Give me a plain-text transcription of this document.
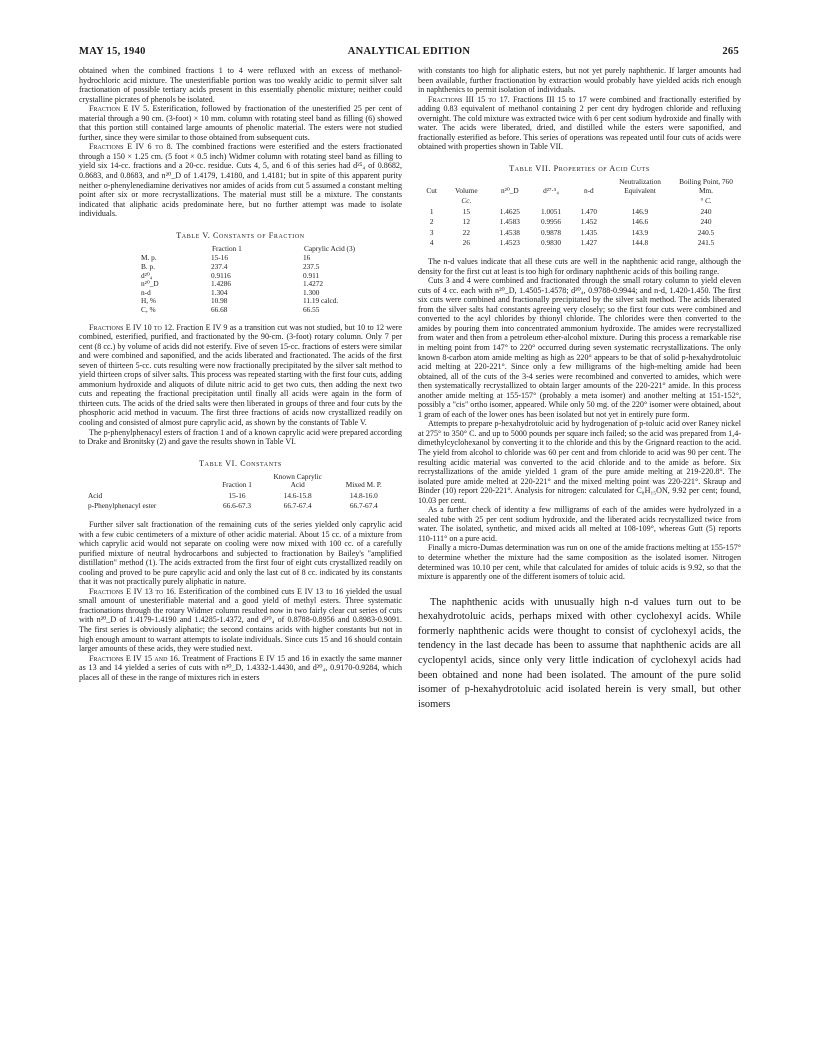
MAY 15, 1940	ANALYTICAL EDITION	265

obtained when the combined fractions 1 to 4 were refluxed with an excess of methanol-hydrochloric acid mixture. The unesterifiable portion was too weakly acidic to permit silver salt fractionation of possible tertiary acids present in this essentially phenolic mixture; neither could crystalline picrates of phenols be isolated.

Fraction E IV 5. Esterification, followed by fractionation of the unesterified 25 per cent of material through a 90 cm. (3-foot) × 10 mm. column with rotating steel band as filling (6) showed that this portion still contained large amounts of phenolic material. The esters were not studied further, since they were similar to those obtained from subsequent cuts.

Fractions E IV 6 to 8. The combined fractions were esterified and the esters fractionated through a 150 × 1.25 cm. (5 foot × 0.5 inch) Widmer column with rotating steel band as filling to yield six 14-cc. fractions and a 20-cc. residue. Cuts 4, 5, and 6 of this series had d²⁵₄ of 0.8682, 0.8683, and 0.8683, and n²⁰_D of 1.4179, 1.4180, and 1.4181; but in spite of this apparent purity neither o-phenylenediamine derivatives nor amides of acids from cut 5 assumed a constant melting point after six or more recrystallizations. The material must still be a mixture. The constants indicated that aliphatic acids predominate here, but no further attempt was made to isolate individuals.

Table V. Constants of Fraction
	Fraction 1	Caprylic Acid (3)
M. p.	15-16	16
B. p.	237.4	237.5
d²⁰₄	0.9116	0.911
n²⁰_D	1.4286	1.4272
n-d	1.304	1.300
H, %	10.98	11.19 calcd.
C, %	66.68	66.55

Fractions E IV 10 to 12. Fraction E IV 9 as a transition cut was not studied, but 10 to 12 were combined, esterified, purified, and fractionated by the 90-cm. (3-foot) rotary column. Only 7 per cent (8 cc.) by volume of acids did not esterify. Five of seven 15-cc. fractions of esters were similar and were combined and saponified, and the acids liberated and fractionated. The acids of the first seven of thirteen 5-cc. cuts resulting were now fractionally precipitated by the silver salt method to yield thirteen crops of silver salts. This process was repeated starting with the first four cuts, adding ammonium hydroxide and aliquots of dilute nitric acid to get two cuts, then adding the next two cuts and repeating the fractional precipitation until finally all acids were again in the form of thirteen cuts. The acids of the dried salts were then liberated in groups of three and four cuts by the phosphoric acid method in vacuum. The first three fractions of acids now crystallized readily on cooling and consisted of almost pure caprylic acid, as shown by the constants of Table V.

The p-phenylphenacyl esters of fraction 1 and of a known caprylic acid were prepared according to Drake and Bronitsky (2) and gave the results shown in Table VI.

Table VI. Constants
	Fraction 1	Known Caprylic Acid	Mixed M. P.
Acid	15-16	14.6-15.8	14.8-16.0
p-Phenylphenacyl ester	66.6-67.3	66.7-67.4	66.7-67.4

Further silver salt fractionation of the remaining cuts of the series yielded only caprylic acid with a few cubic centimeters of a mixture of other acidic material. About 15 cc. of a mixture from which caprylic acid would not separate on cooling were now mixed with 100 cc. of a carefully purified mixture of neutral hydrocarbons and subjected to fractionation by Bailey's "amplified distillation" method (1). The acids extracted from the first four of eight cuts crystallized readily on cooling and proved to be pure caprylic acid and only the last cut of 8 cc. indicated by its constants that it was not practically purely aliphatic in nature.

Fractions E IV 13 to 16. Esterification of the combined cuts E IV 13 to 16 yielded the usual small amount of unesterifiable material and a good yield of methyl esters. Three systematic fractionations through the rotary Widmer column resulted now in two fairly clear cut series of cuts with n²⁰_D of 1.4179-1.4190 and 1.4285-1.4372, and d²⁰₄ of 0.8788-0.8956 and 0.8983-0.9091. The first series is obviously aliphatic; the second contains acids with higher constants but not in high enough amount to warrant attempts to isolate individuals. Since cuts 15 and 16 should contain larger amounts of these acids, they were studied next.

Fractions E IV 15 and 16. Treatment of Fractions E IV 15 and 16 in exactly the same manner as 13 and 14 yielded a series of cuts with n²⁰_D, 1.4332-1.4430, and d²⁰₄, 0.9170-0.9284, which places all of these in the range of mixtures rich in esters

with constants too high for aliphatic esters, but not yet purely naphthenic. If larger amounts had been available, further fractionation by extraction would probably have yielded acids rich enough in naphthenics to permit isolation of individuals.

Fractions III 15 to 17. Fractions III 15 to 17 were combined and fractionally esterified by adding 0.83 equivalent of methanol containing 2 per cent dry hydrogen chloride and refluxing overnight. The cold mixture was extracted twice with 6 per cent sodium hydroxide and finally with water. The acids were liberated, dried, and distilled while the esters were saponified, and fractionally esterified as before. This series of operations was repeated until four cuts of acids were obtained with properties shown in Table VII.

Table VII. Properties of Acid Cuts
Cut	Volume	n²⁰_D	d²⁷·⁵₄	n-d	Neutralization Equivalent	Boiling Point, 760 Mm.
	Cc.					° C.
1	15	1.4625	1.0051	1.470	146.9	240
2	12	1.4583	0.9956	1.452	146.6	240
3	22	1.4538	0.9878	1.435	143.9	240.5
4	26	1.4523	0.9830	1.427	144.8	241.5

The n-d values indicate that all these cuts are well in the naphthenic acid range, although the density for the first cut at least is too high for ordinary naphthenic acids of this boiling range.

Cuts 3 and 4 were combined and fractionated through the small rotary column to yield eleven cuts of 4 cc. each with n²⁰_D, 1.4505-1.4578; d²⁰₄, 0.9788-0.9944; and n-d, 1.420-1.450. The first six cuts were combined and fractionally precipitated by the silver salt method. The acids liberated from the silver salts had constants agreeing very closely; so the first four cuts were combined and converted to the acyl chlorides by thionyl chloride. The chlorides were then converted to the amides by pouring them into concentrated ammonium hydroxide. The amides were recrystallized from water and then from a petroleum ether-alcohol mixture. During this process a remarkable rise in melting point from 147° to 220° occurred during seven systematic recrystallizations. The only known 8-carbon atom amide melting as high as 220° appears to be that of solid p-hexahydrotoluic acid melting at 220-221°. Since only a few milligrams of the high-melting amide had been obtained, all of the cuts of the 3-4 series were recombined and converted to amides, which were then systematically recrystallized to obtain larger amounts of the 220-221° amide. In this process another amide melting at 155-157° (probably a meta isomer) and another melting at 151-152°, possibly a "cis" ortho isomer, appeared. While only 50 mg. of the 220° isomer were obtained, about 1 gram of each of the lower ones has been isolated but not yet in entirely pure form.

Attempts to prepare p-hexahydrotoluic acid by hydrogenation of p-toluic acid over Raney nickel at 275° to 350° C. and up to 5000 pounds per square inch failed; so the acid was prepared from 1,4-dimethylcyclohexanol by converting it to the chloride and this by the Grignard reaction to the acid. The yield from alcohol to chloride was 60 per cent and from chloride to acid was 90 per cent. The resulting acidic material was converted to the acid chloride and to the amide as before. Six recrystallizations of the amide yielded 1 gram of the pure amide melting at 219-220.8°. The isolated pure amide melted at 220-221° and the mixed melting point was 220-221°. Skraup and Binder (10) report 220-221°. Analysis for nitrogen: calculated for C₈H₁₅ON, 9.92 per cent; found, 10.03 per cent.

As a further check of identity a few milligrams of each of the amides were hydrolyzed in a sealed tube with 25 per cent sodium hydroxide, and the liberated acids recrystallized twice from water. The isolated, synthetic, and mixed acids all melted at 108-109°, whereas Gutt (5) reports 110-111° on a pure acid.

Finally a micro-Dumas determination was run on one of the amide fractions melting at 155-157° to determine whether the mixture had the same composition as the isolated isomer. Nitrogen determined was 10.10 per cent, while that calculated for amides of toluic acids is 9.92, so that the mixture is apparently one of the different isomers of toluic acid.

The naphthenic acids with unusually high n-d values turn out to be hexahydrotoluic acids, perhaps mixed with other cyclohexyl acids. While formerly naphthenic acids were thought to consist of cyclohexyl acids, the tendency in the last decade has been to assume that naphthenic acids are all cyclopentyl acids, since only very little indication of cyclohexyl acids had been obtained and none had been isolated. The amount of the pure solid isomer of p-hexahydrotoluic acid isolated herein is very small, but other isomers
